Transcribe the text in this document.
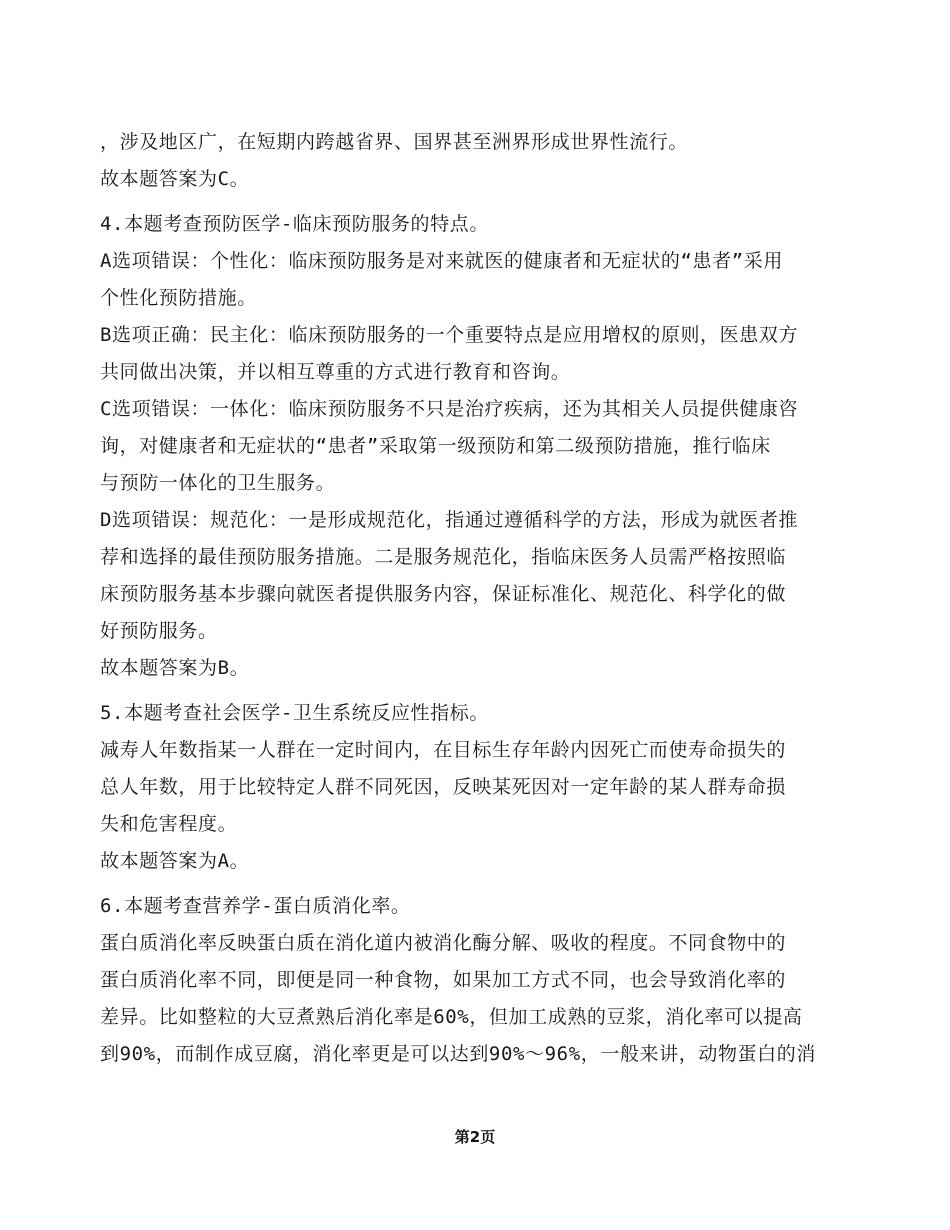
，涉及地区广，在短期内跨越省界、国界甚至洲界形成世界性流行。
故本题答案为C。
4.本题考查预防医学-临床预防服务的特点。
A选项错误：个性化：临床预防服务是对来就医的健康者和无症状的“患者”采用
个性化预防措施。
B选项正确：民主化：临床预防服务的一个重要特点是应用增权的原则，医患双方
共同做出决策，并以相互尊重的方式进行教育和咨询。
C选项错误：一体化：临床预防服务不只是治疗疾病，还为其相关人员提供健康咨
询，对健康者和无症状的“患者”采取第一级预防和第二级预防措施，推行临床
与预防一体化的卫生服务。
D选项错误：规范化：一是形成规范化，指通过遵循科学的方法，形成为就医者推
荐和选择的最佳预防服务措施。二是服务规范化，指临床医务人员需严格按照临
床预防服务基本步骤向就医者提供服务内容，保证标准化、规范化、科学化的做
好预防服务。
故本题答案为B。
5.本题考查社会医学-卫生系统反应性指标。
减寿人年数指某一人群在一定时间内，在目标生存年龄内因死亡而使寿命损失的
总人年数，用于比较特定人群不同死因，反映某死因对一定年龄的某人群寿命损
失和危害程度。
故本题答案为A。
6.本题考查营养学-蛋白质消化率。
蛋白质消化率反映蛋白质在消化道内被消化酶分解、吸收的程度。不同食物中的
蛋白质消化率不同，即便是同一种食物，如果加工方式不同，也会导致消化率的
差异。比如整粒的大豆煮熟后消化率是60%，但加工成熟的豆浆，消化率可以提高
到90%，而制作成豆腐，消化率更是可以达到90%～96%，一般来讲，动物蛋白的消
第2页
